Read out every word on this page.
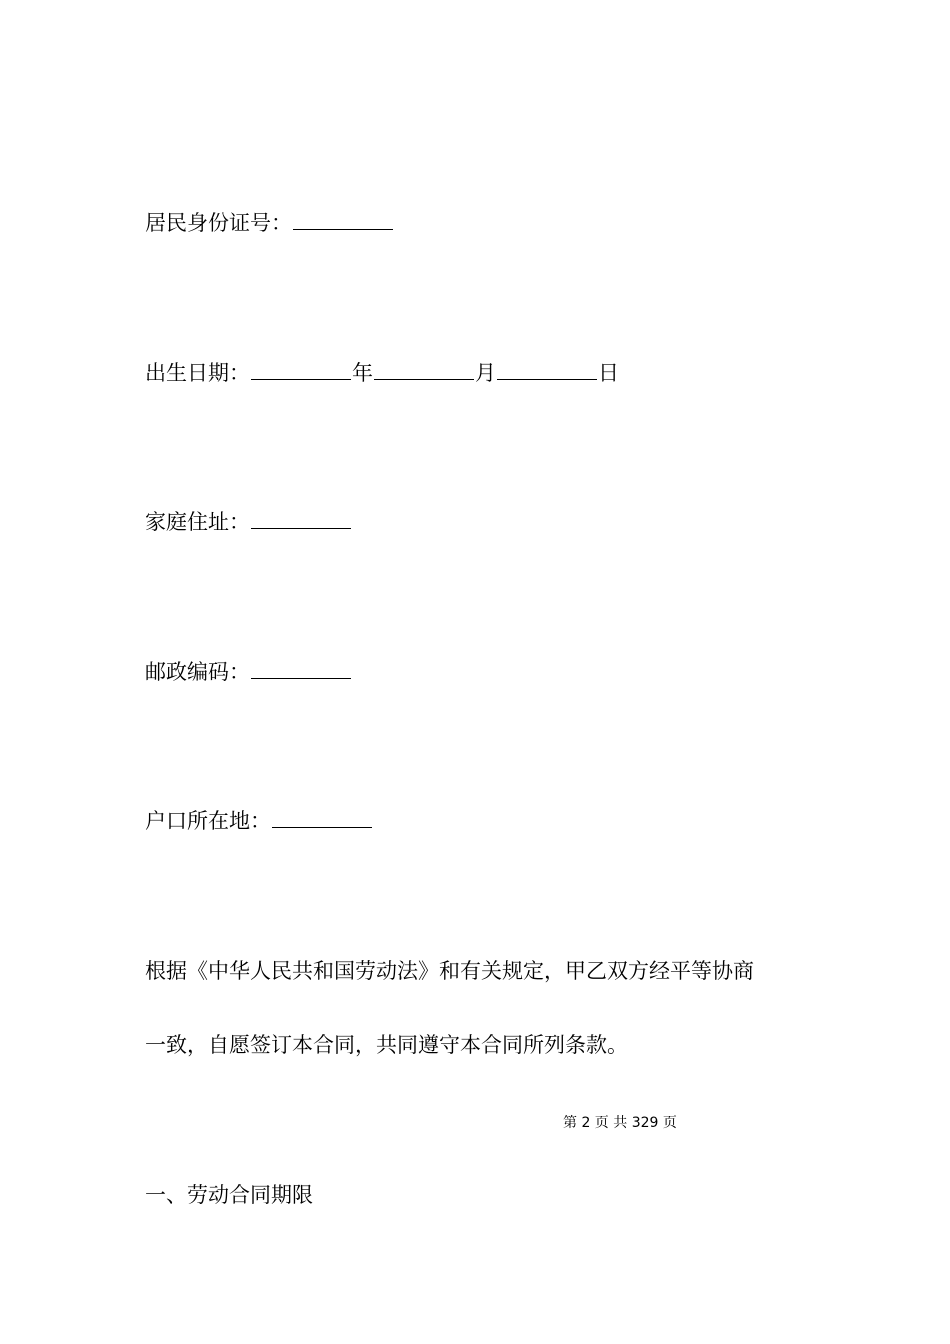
居民身份证号：
出生日期：	年	月	日
家庭住址：
邮政编码：
户口所在地：
根据《中华人民共和国劳动法》和有关规定，甲乙双方经平等协商
一致，自愿签订本合同，共同遵守本合同所列条款。
第 2 页 共 329 页
一、劳动合同期限
